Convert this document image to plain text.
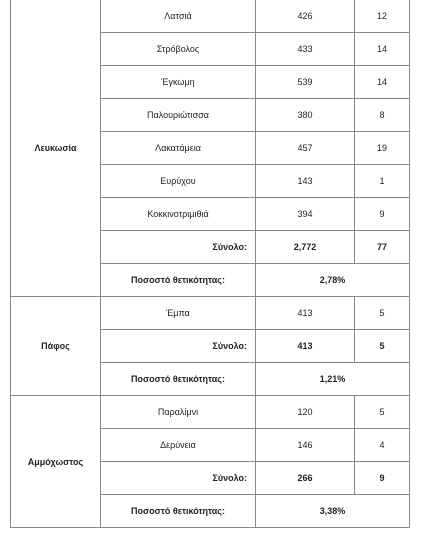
Λευκωσία	Λατσιά	426	12
	Στρόβολος	433	14
	Έγκωμη	539	14
	Παλουριώτισσα	380	8
	Λακατάμεια	457	19
	Ευρύχου	143	1
	Κοκκινοτριμιθιά	394	9
	Σύνολο:	2,772	77
	Ποσοστό θετικότητας:	2,78%	
Πάφος	Έμπα	413	5
	Σύνολο:	413	5
	Ποσοστό θετικότητας:	1,21%	
Αμμόχωστος	Παραλίμνι	120	5
	Δερύνεια	146	4
	Σύνολο:	266	9
	Ποσοστό θετικότητας:	3,38%	
